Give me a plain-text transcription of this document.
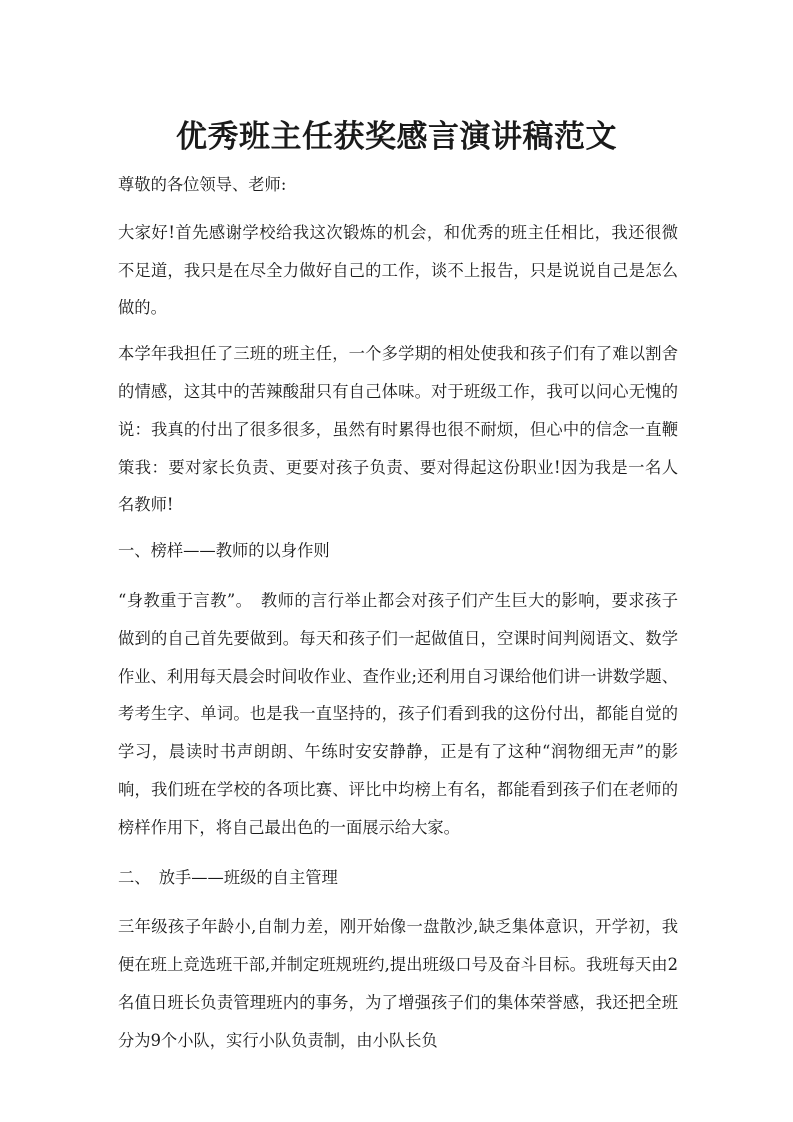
优秀班主任获奖感言演讲稿范文

尊敬的各位领导、老师:

大家好!首先感谢学校给我这次锻炼的机会，和优秀的班主任相比，我还很微不足道，我只是在尽全力做好自己的工作，谈不上报告，只是说说自己是怎么做的。

本学年我担任了三班的班主任，一个多学期的相处使我和孩子们有了难以割舍的情感，这其中的苦辣酸甜只有自己体味。对于班级工作，我可以问心无愧的说：我真的付出了很多很多，虽然有时累得也很不耐烦，但心中的信念一直鞭策我：要对家长负责、更要对孩子负责、要对得起这份职业!因为我是一名人名教师!

一、榜样——教师的以身作则

“身教重于言教”。　教师的言行举止都会对孩子们产生巨大的影响，要求孩子做到的自己首先要做到。每天和孩子们一起做值日，空课时间判阅语文、数学作业、利用每天晨会时间收作业、查作业;还利用自习课给他们讲一讲数学题、考考生字、单词。也是我一直坚持的，孩子们看到我的这份付出，都能自觉的学习，晨读时书声朗朗、午练时安安静静，正是有了这种“润物细无声”的影响，我们班在学校的各项比赛、评比中均榜上有名，都能看到孩子们在老师的榜样作用下，将自己最出色的一面展示给大家。

二、　放手——班级的自主管理

三年级孩子年龄小,自制力差，刚开始像一盘散沙,缺乏集体意识，开学初，我便在班上竞选班干部,并制定班规班约,提出班级口号及奋斗目标。我班每天由2名值日班长负责管理班内的事务，为了增强孩子们的集体荣誉感，我还把全班分为9个小队，实行小队负责制，由小队长负
